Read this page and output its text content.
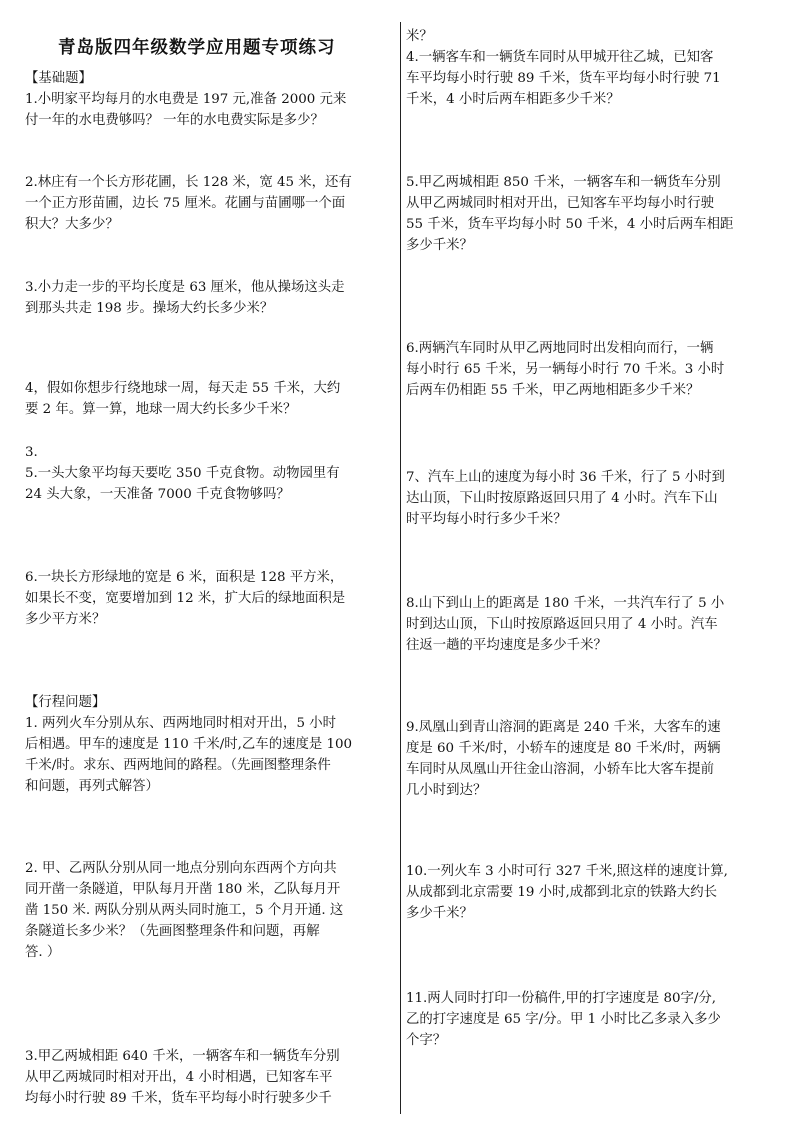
青岛版四年级数学应用题专项练习
【基础题】
1.小明家平均每月的水电费是 197 元,准备 2000 元来
付一年的水电费够吗？ 一年的水电费实际是多少？
2.林庄有一个长方形花圃，长 128 米，宽 45 米，还有
一个正方形苗圃，边长 75 厘米。花圃与苗圃哪一个面
积大？大多少？
3.小力走一步的平均长度是 63 厘米，他从操场这头走
到那头共走 198 步。操场大约长多少米？
4，假如你想步行绕地球一周，每天走 55 千米，大约
要 2 年。算一算，地球一周大约长多少千米？
3.
5.一头大象平均每天要吃 350 千克食物。动物园里有
24 头大象，一天准备 7000 千克食物够吗？
6.一块长方形绿地的宽是 6 米，面积是 128 平方米，
如果长不变，宽要增加到 12 米，扩大后的绿地面积是
多少平方米？
【行程问题】
1. 两列火车分别从东、西两地同时相对开出，5 小时
后相遇。甲车的速度是 110 千米/时,乙车的速度是 100
千米/时。求东、西两地间的路程。（先画图整理条件
和问题，再列式解答）
2. 甲、乙两队分别从同一地点分别向东西两个方向共
同开凿一条隧道，甲队每月开凿 180 米，乙队每月开
凿 150 米. 两队分别从两头同时施工，5 个月开通. 这
条隧道长多少米？（先画图整理条件和问题，再解
答. ）
3.甲乙两城相距 640 千米，一辆客车和一辆货车分别
从甲乙两城同时相对开出，4 小时相遇，已知客车平
均每小时行驶 89 千米，货车平均每小时行驶多少千
米？
4.一辆客车和一辆货车同时从甲城开往乙城，已知客
车平均每小时行驶 89 千米，货车平均每小时行驶 71
千米，4 小时后两车相距多少千米？
5.甲乙两城相距 850 千米，一辆客车和一辆货车分别
从甲乙两城同时相对开出，已知客车平均每小时行驶
55 千米，货车平均每小时 50 千米，4 小时后两车相距
多少千米？
6.两辆汽车同时从甲乙两地同时出发相向而行，一辆
每小时行 65 千米，另一辆每小时行 70 千米。3 小时
后两车仍相距 55 千米，甲乙两地相距多少千米？
7、汽车上山的速度为每小时 36 千米，行了 5 小时到
达山顶，下山时按原路返回只用了 4 小时。汽车下山
时平均每小时行多少千米？
8.山下到山上的距离是 180 千米，一共汽车行了 5 小
时到达山顶，下山时按原路返回只用了 4 小时。汽车
往返一趟的平均速度是多少千米？
9.凤凰山到青山溶洞的距离是 240 千米，大客车的速
度是 60 千米/时，小轿车的速度是 80 千米/时，两辆
车同时从凤凰山开往金山溶洞，小轿车比大客车提前
几小时到达？
10.一列火车 3 小时可行 327 千米,照这样的速度计算,
从成都到北京需要 19 小时,成都到北京的铁路大约长
多少千米？
11.两人同时打印一份稿件,甲的打字速度是 80字/分,
乙的打字速度是 65 字/分。甲 1 小时比乙多录入多少
个字？
